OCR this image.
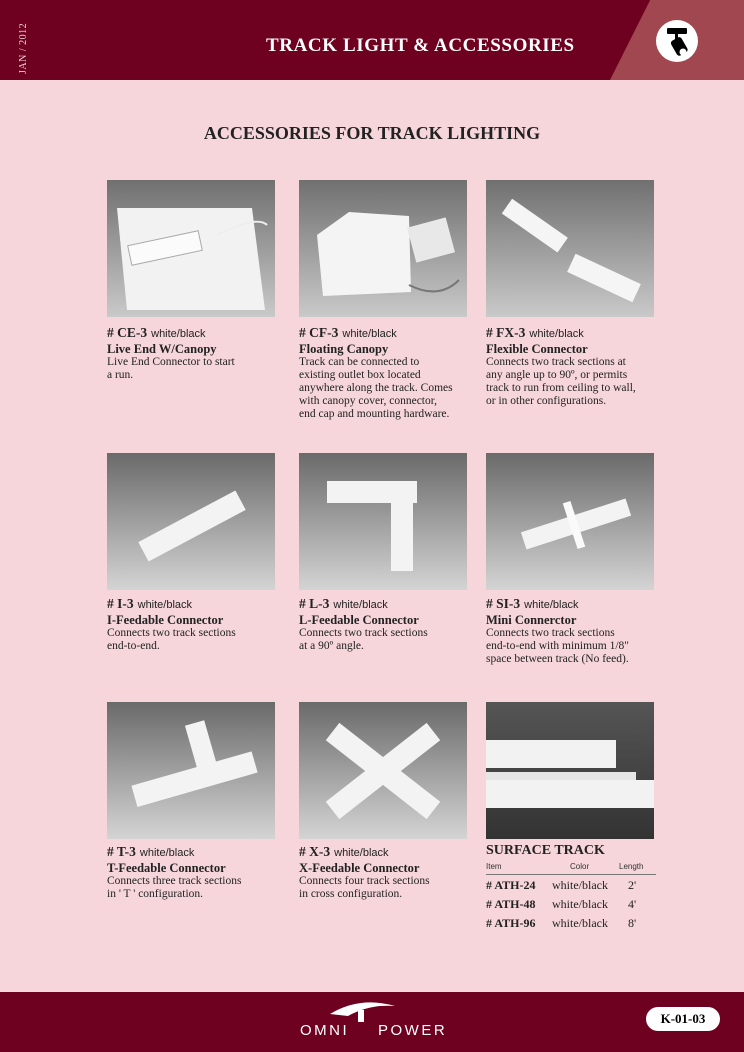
JAN / 2012	TRACK LIGHT & ACCESSORIES
ACCESSORIES FOR TRACK LIGHTING
# CE-3 white/black
Live End W/Canopy
Live End Connector to start
a run.
# CF-3 white/black
Floating Canopy
Track can be connected to
existing outlet box located
anywhere along the track. Comes
with canopy cover, connector,
end cap and mounting hardware.
# FX-3 white/black
Flexible Connector
Connects two track sections at
any angle up to 90º, or permits
track to run from ceiling to wall,
or in other configurations.
# I-3 white/black
I-Feedable Connector
Connects two track sections
end-to-end.
# L-3 white/black
L-Feedable Connector
Connects two track sections
at a 90º angle.
# SI-3 white/black
Mini Connerctor
Connects two track sections
end-to-end with minimum 1/8"
space between track (No feed).
# T-3 white/black
T-Feedable Connector
Connects three track sections
in ' T ' configuration.
# X-3 white/black
X-Feedable Connector
Connects four track sections
in cross configuration.
SURFACE TRACK
Item	Color	Length
# ATH-24 white/black 2'
# ATH-48 white/black 4'
# ATH-96 white/black 8'
OMNI POWER
K-01-03
